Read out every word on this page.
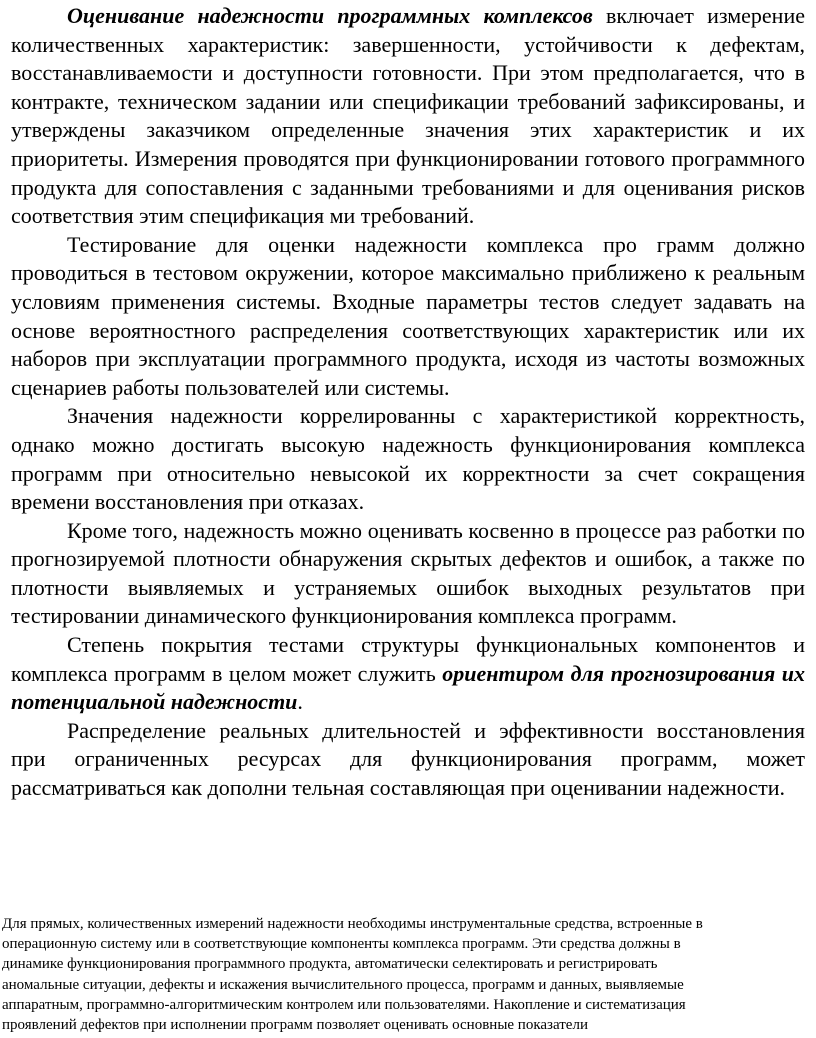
Оценивание надежности программных комплексов включает измерение количественных характеристик: завершенности, устойчивости к дефектам, восстанавливаемости и доступности готовности. При этом предполагается, что в контракте, техническом задании или спецификации требований зафиксированы, и утверждены заказчиком определенные значения этих характеристик и их приоритеты. Измерения проводятся при функционировании готового программного продукта для сопоставления с заданными требованиями и для оценивания рисков соответствия этим спецификация ми требований.

Тестирование для оценки надежности комплекса про грамм должно проводиться в тестовом окружении, которое максимально приближено к реальным условиям применения системы. Входные параметры тестов следует задавать на основе вероятностного распределения соответствующих характеристик или их наборов при эксплуатации программного продукта, исходя из частоты возможных сценариев работы пользователей или системы.

Значения надежности коррелированны с характеристикой корректность, однако можно достигать высокую надежность функционирования комплекса программ при относительно невысокой их корректности за счет сокращения времени восстановления при отказах.

Кроме того, надежность можно оценивать косвенно в процессе раз работки по прогнозируемой плотности обнаружения скрытых дефектов и ошибок, а также по плотности выявляемых и устраняемых ошибок выходных результатов при тестировании динамического функционирования комплекса программ.

Степень покрытия тестами структуры функциональных компонентов и комплекса программ в целом может служить ориентиром для прогнозирования их потенциальной надежности.

Распределение реальных длительностей и эффективности восстановления при ограниченных ресурсах для функционирования программ, может рассматриваться как дополни тельная составляющая при оценивании надежности.

Для прямых, количественных измерений надежности необходимы инструментальные средства, встроенные в

операционную систему или в соответствующие компоненты комплекса программ. Эти средства должны в

динамике функционирования программного продукта, автоматически селектировать и регистрировать

аномальные ситуации, дефекты и искажения вычислительного процесса, программ и данных, выявляемые

аппаратным, программно-алгоритмическим контролем или пользователями. Накопление и систематизация

проявлений дефектов при исполнении программ позволяет оценивать основные показатели
